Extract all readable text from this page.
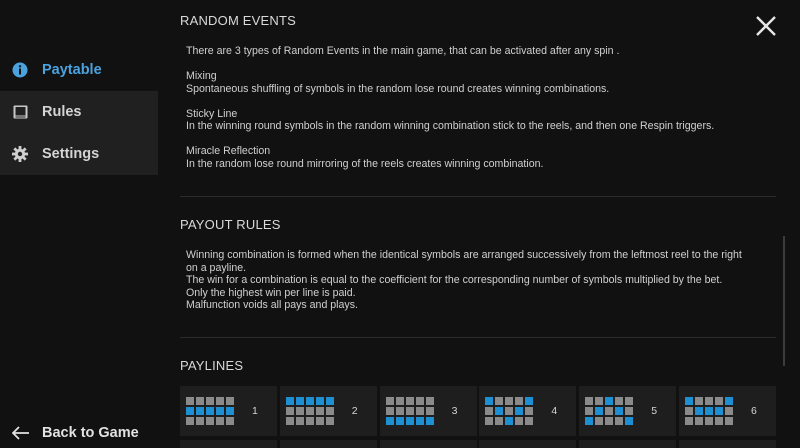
Paytable
Rules
Settings
Back to Game
RANDOM EVENTS

There are 3 types of Random Events in the main game, that can be activated after any spin .

Mixing

Spontaneous shuffling of symbols in the random lose round creates winning combinations.

Sticky Line

In the winning round symbols in the random winning combination stick to the reels, and then one Respin triggers.

Miracle Reflection

In the random lose round mirroring of the reels creates winning combination.

PAYOUT RULES

Winning combination is formed when the identical symbols are arranged successively from the leftmost reel to the right

on a payline.

The win for a combination is equal to the coefficient for the corresponding number of symbols multiplied by the bet.

Only the highest win per line is paid.

Malfunction voids all pays and plays.

PAYLINES
1	2	3	4	5	6
